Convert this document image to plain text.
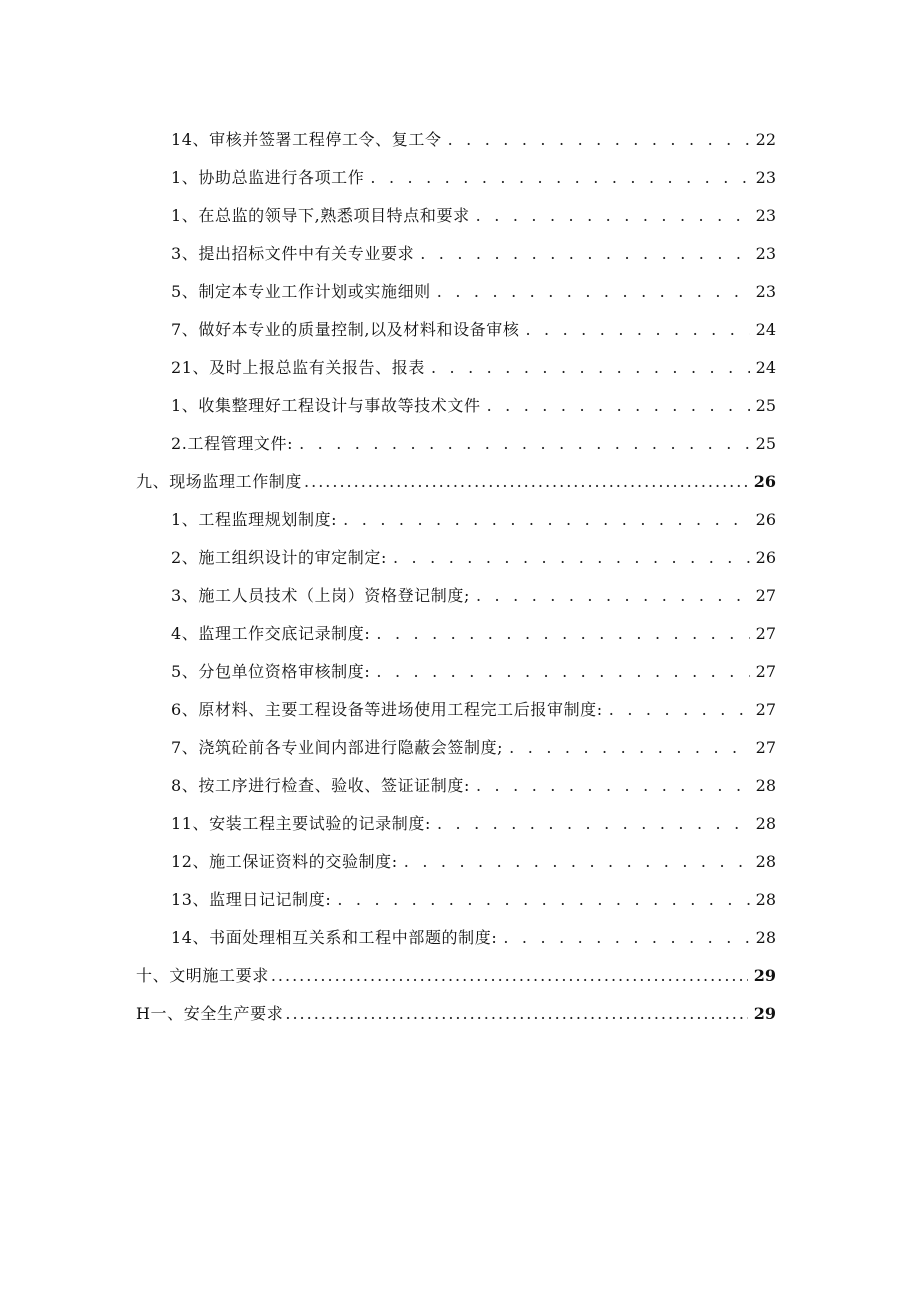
14、审核并签署工程停工令、复工令 . . .	22
1、协助总监进行各项工作 . . .	23
1、在总监的领导下,熟悉项目特点和要求 . . .	23
3、提出招标文件中有关专业要求 . . .	23
5、制定本专业工作计划或实施细则 . . .	23
7、做好本专业的质量控制,以及材料和设备审核 . . .	24
21、及时上报总监有关报告、报表 . . .	24
1、收集整理好工程设计与事故等技术文件 . . .	25
2.工程管理文件: . . .	25
九、现场监理工作制度 .....	26
1、工程监理规划制度: . . .	26
2、施工组织设计的审定制定: . . .	26
3、施工人员技术（上岗）资格登记制度; . . .	27
4、监理工作交底记录制度: . . .	27
5、分包单位资格审核制度: . . .	27
6、原材料、主要工程设备等进场使用工程完工后报审制度: . . .	27
7、浇筑砼前各专业间内部进行隐蔽会签制度; . . .	27
8、按工序进行检查、验收、签证证制度: . . .	28
11、安装工程主要试验的记录制度: . . .	28
12、施工保证资料的交验制度: . . .	28
13、监理日记记制度: . . .	28
14、书面处理相互关系和工程中部题的制度: . . .	28
十、文明施工要求 .....	29
H一、安全生产要求 .....	29
